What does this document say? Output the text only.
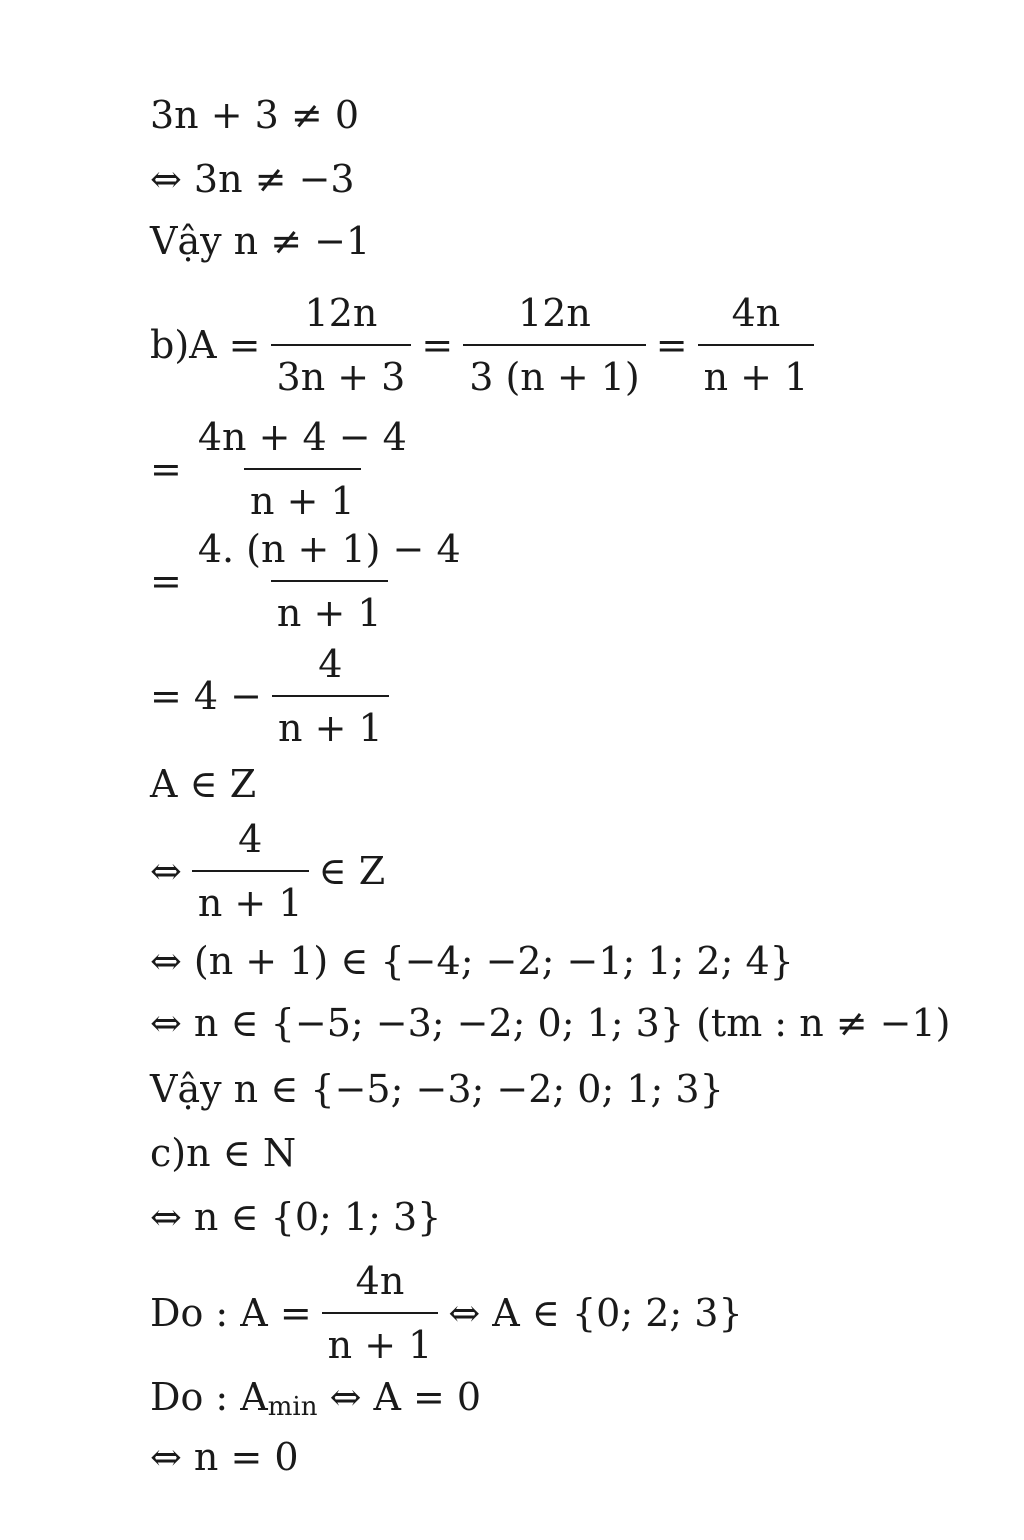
3n + 3 ≠ 0
⇔ 3n ≠ −3
Vậy n ≠ −1
$b)A = \frac{12n}{3n + 3} = \frac{12n}{3 (n + 1)} = \frac{4n}{n + 1}$
= $\frac{4n + 4 - 4}{n + 1}$
= $\frac{4. (n + 1) - 4}{n + 1}$
= $4 - \frac{4}{n + 1}$
A ∈ Z
⇔ $\frac{4}{n + 1}$ ∈ Z
⇔ (n + 1) ∈ {−4; −2; −1; 1; 2; 4}
⇔ n ∈ {−5; −3; −2; 0; 1; 3} (tm : n ≠ −1)
Vậy n ∈ {−5; −3; −2; 0; 1; 3}
c)n ∈ N
⇔ n ∈ {0; 1; 3}
Do : $A = \frac{4n}{n + 1}$ ⇔ A ∈ {0; 2; 3}
Do : A min
⇔ A = 0
⇔ n = 0
